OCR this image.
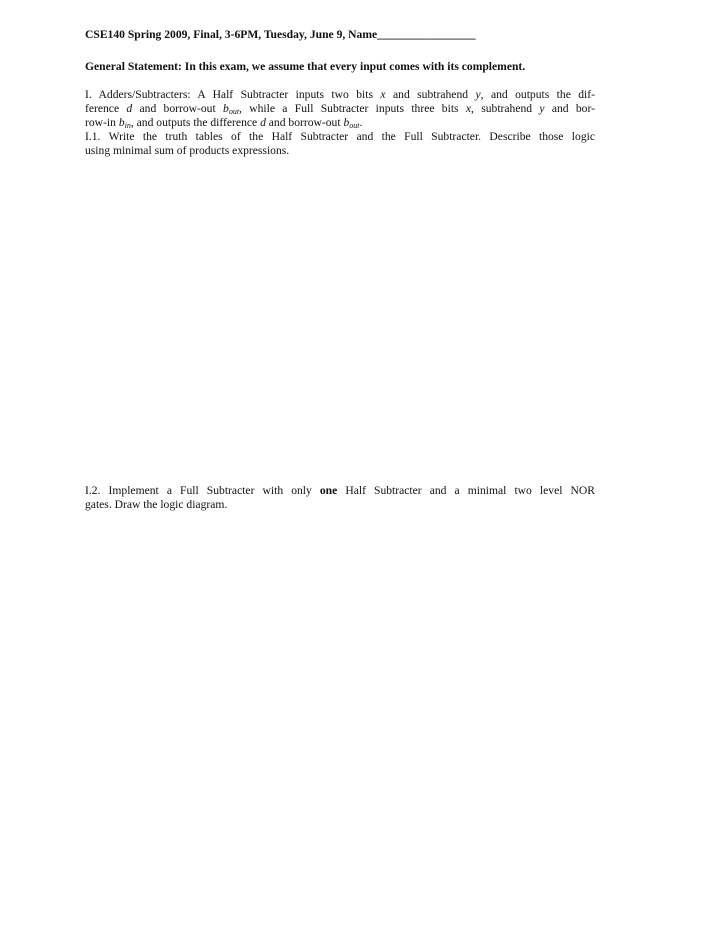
CSE140 Spring 2009, Final, 3-6PM, Tuesday, June 9, Name_________________
General Statement: In this exam, we assume that every input comes with its complement.
I. Adders/Subtracters: A Half Subtracter inputs two bits x and subtrahend y, and outputs the dif-
ference d and borrow-out $b_{out}$, while a Full Subtracter inputs three bits x, subtrahend y and bor-
row-in $b_{in}$, and outputs the difference d and borrow-out $b_{out}$.
I.1. Write the truth tables of the Half Subtracter and the Full Subtracter. Describe those logic
using minimal sum of products expressions.
I.2. Implement a Full Subtracter with only one Half Subtracter and a minimal two level NOR
gates. Draw the logic diagram.
